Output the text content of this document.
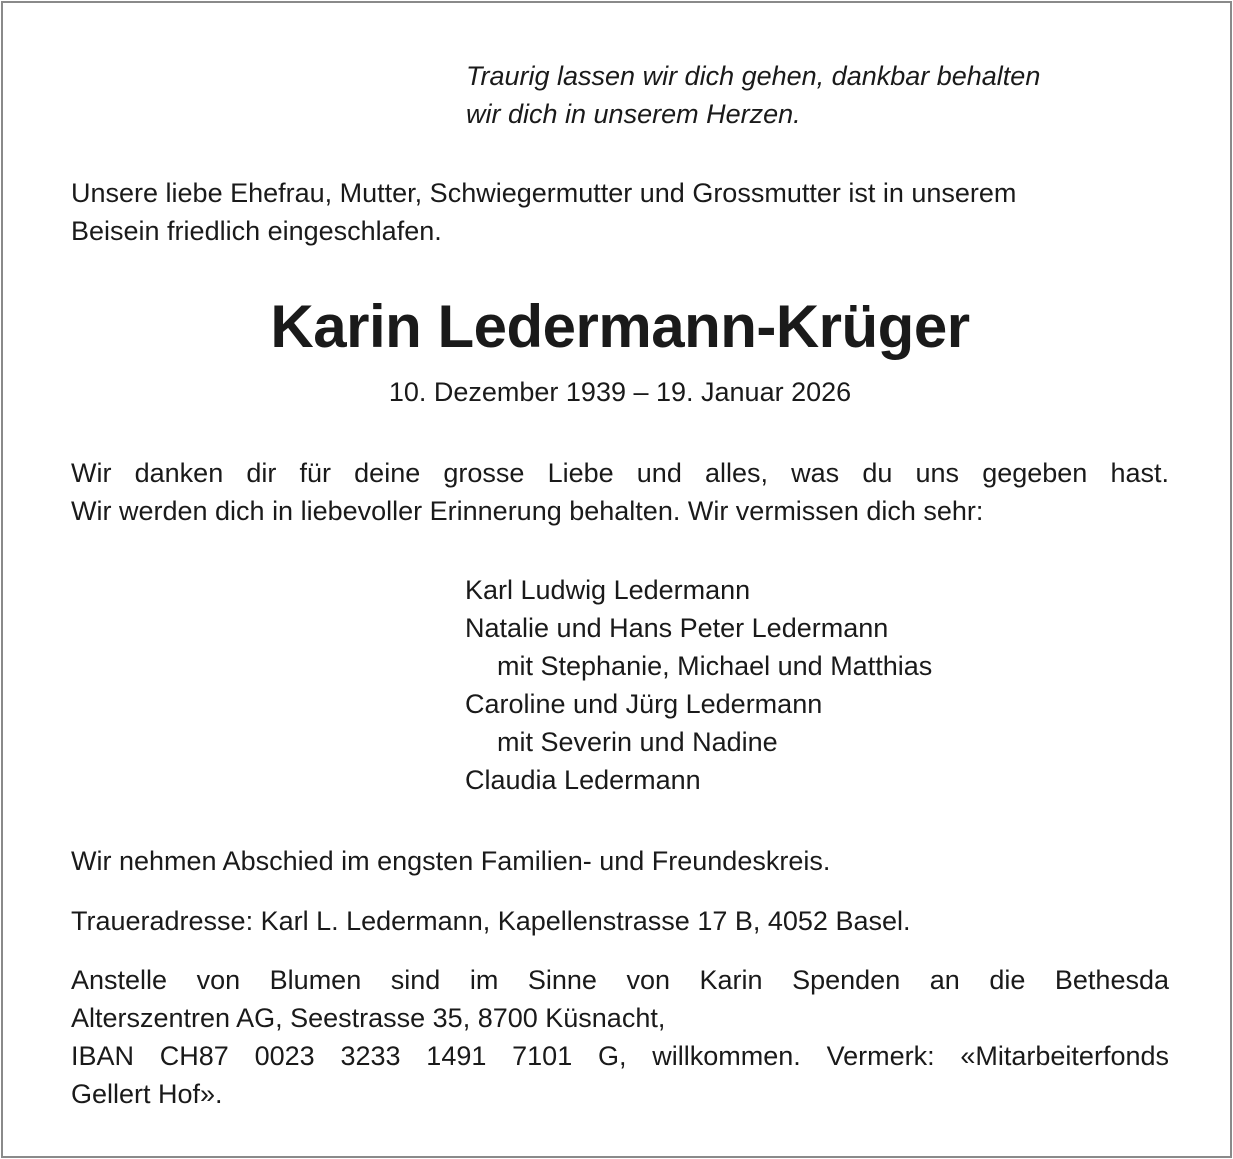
Traurig lassen wir dich gehen, dankbar behalten
wir dich in unserem Herzen.

Unsere liebe Ehefrau, Mutter, Schwiegermutter und Grossmutter ist in unserem
Beisein friedlich eingeschlafen.

Karin Ledermann-Krüger

10. Dezember 1939 – 19. Januar 2026

Wir danken dir für deine grosse Liebe und alles, was du uns gegeben hast.
Wir werden dich in liebevoller Erinnerung behalten. Wir vermissen dich sehr:

Karl Ludwig Ledermann
Natalie und Hans Peter Ledermann
mit Stephanie, Michael und Matthias
Caroline und Jürg Ledermann
mit Severin und Nadine
Claudia Ledermann

Wir nehmen Abschied im engsten Familien- und Freundeskreis.

Traueradresse: Karl L. Ledermann, Kapellenstrasse 17 B, 4052 Basel.

Anstelle von Blumen sind im Sinne von Karin Spenden an die Bethesda
Alterszentren AG, Seestrasse 35, 8700 Küsnacht,
IBAN CH87 0023 3233 1491 7101 G, willkommen. Vermerk: «Mitarbeiterfonds
Gellert Hof».
